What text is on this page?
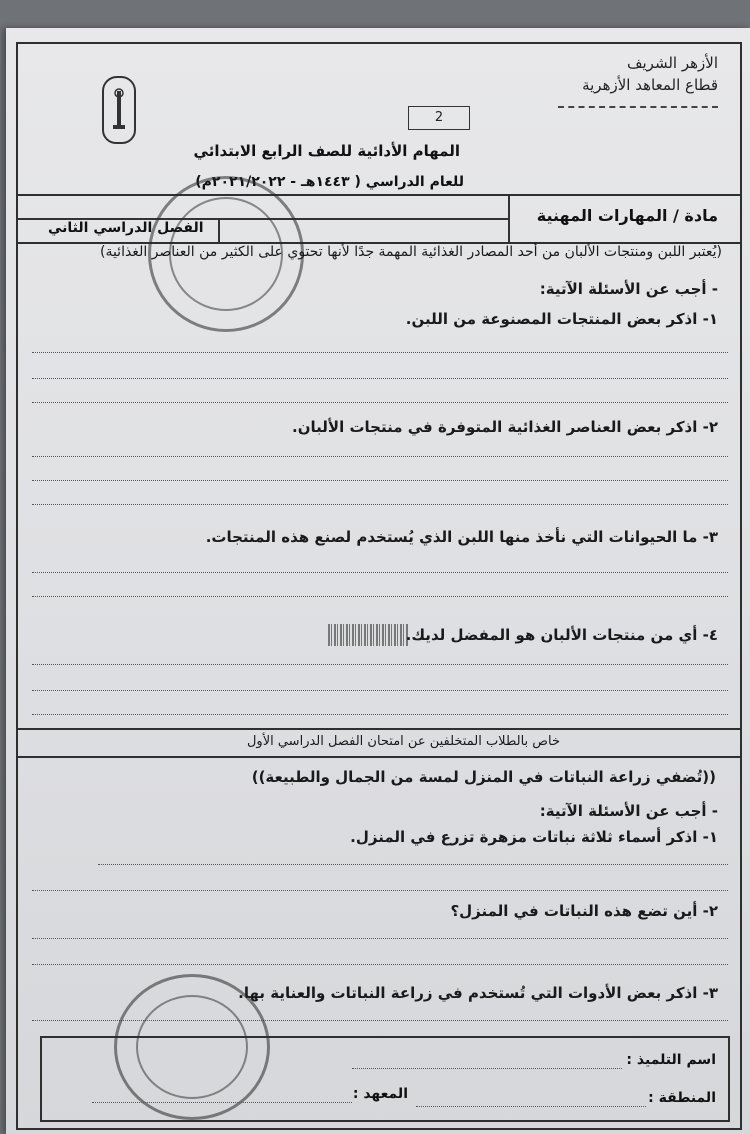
الأزهر الشريف
قطاع المعاهد الأزهرية
2
المهام الأدائية للصف الرابع الابتدائي
للعام الدراسي ( ١٤٤٣هـ - ٢٠٢١/٢٠٢٢م)
مادة / المهارات المهنية
الفصل الدراسي الثاني
(يُعتبر اللبن ومنتجات الألبان من أحد المصادر الغذائية المهمة جدًا لأنها تحتوي على الكثير من العناصر الغذائية)
- أجب عن الأسئلة الآتية:
١- اذكر بعض المنتجات المصنوعة من اللبن.
٢- اذكر بعض العناصر الغذائية المتوفرة في منتجات الألبان.
٣- ما الحيوانات التي نأخذ منها اللبن الذي يُستخدم لصنع هذه المنتجات.
٤- أي من منتجات الألبان هو المفضل لديك.
خاص بالطلاب المتخلفين عن امتحان الفصل الدراسي الأول
((تُضفي زراعة النباتات في المنزل لمسة من الجمال والطبيعة))
- أجب عن الأسئلة الآتية:
١- اذكر أسماء ثلاثة نباتات مزهرة تزرع في المنزل.
٢- أين تضع هذه النباتات في المنزل؟
٣- اذكر بعض الأدوات التي تُستخدم في زراعة النباتات والعناية بها.
اسم التلميذ :
المنطقة :
المعهد :
